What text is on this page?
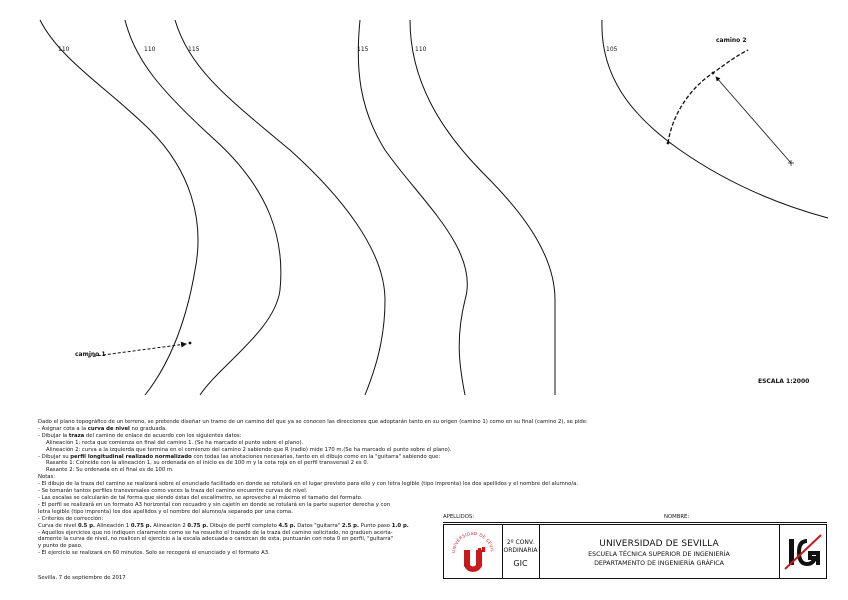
110	110	115	115	110	105
camino 1
camino 2
ESCALA 1:2000
Dado el plano topográfico de un terreno, se pretende diseñar un tramo de un camino del que ya se conocen las direcciones que adoptarán tanto en su origen (camino 1) como en su final (camino 2), se pide:
- Asignar cota a la curva de nivel no graduada.
- Dibujar la traza del camino de enlace de acuerdo con los siguientes datos:
Alineación 1: recta que comienza en final del camino 1. (Se ha marcado el punto sobre el plano).
Alineación 2: curva a la izquierda que termina en el comienzo del camino 2 sabiendo que R (radio) mide 170 m.(Se ha marcado el punto sobre el plano).
- Dibujar su perfil longitudinal realizado normalizado con todas las anotaciones necesarias, tanto en el dibujo como en la "guitarra" sabiendo que:
Rasante 1: Coincide con la alineación 1, su ordenada en el inicio es de 100 m y la cota roja en el perfil transversal 2 es 0.
Rasante 2: Su ordenada en el final es de 100 m.
Notas:
- El dibujo de la traza del camino se realizará sobre el enunciado facilitado en donde se rotulará en el lugar previsto para ello y con letra legible (tipo imprenta) los dos apellidos y el nombre del alumno/a.
- Se tomarán tantos perfiles transversales como veces la traza del camino encuentre curvas de nivel.
- Las escalas se calcularán de tal forma que siendo éstas del escalímetro, se aproveche al máximo el tamaño del formato.
- El perfil se realizará en un formato A3 horizontal con recuadro y sin cajetín en donde se rotulará en la parte superior derecha y con
letra legible (tipo imprenta) los dos apellidos y el nombre del alumno/a separado por una coma.
- Criterios de corrección:
Curva de nivel 0.5 p. Alineación 1 0.75 p. Alineación 2 0.75 p. Dibujo de perfil completo 4.5 p. Datos "guitarra" 2.5 p. Punto paso 1.0 p.
- Aquellos ejercicios que no indiquen claramente como se ha resuelto el trazado de la traza del camino solicitado, no gradúen acerta-
damente la curva de nivel, no realicen el ejercicio a la escala adecuada o carezcan de esta, puntuarán con nota 0 en perfil, "guitarra"
y punto de paso.
- El ejercicio se realizará en 60 minutos. Solo se recogerá el enunciado y el formato A3.
Sevilla, 7 de septiembre de 2017
APELLIDOS:	NOMBRE:
UNIVERSIDAD DE SEVIL
2º CONV.
ORDINARIA
GIC
UNIVERSIDAD DE SEVILLA
ESCUELA TÉCNICA SUPERIOR DE INGENIERÍA
DEPARTAMENTO DE INGENIERÍA GRÁFICA
IG
